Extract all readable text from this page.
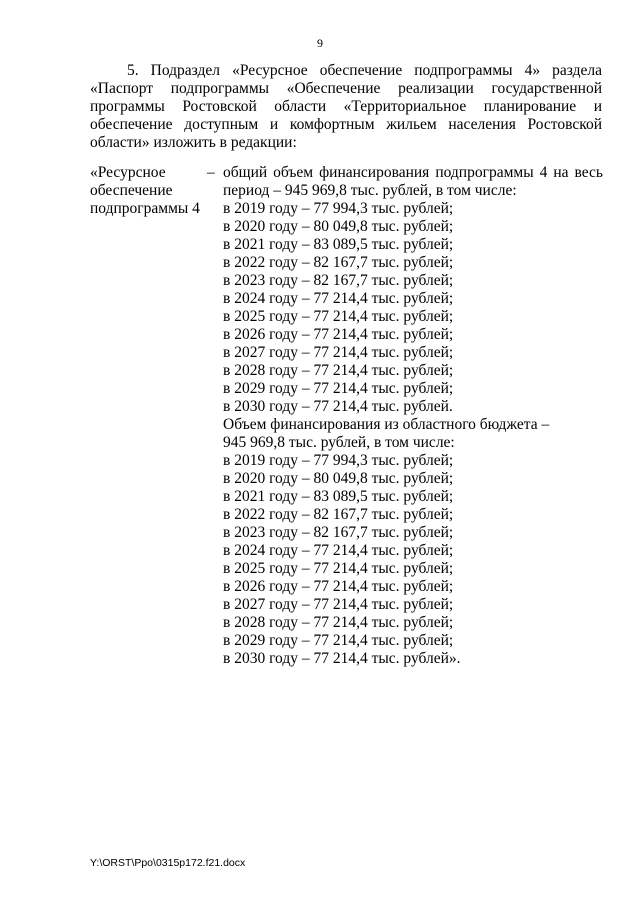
9

5. Подраздел «Ресурсное обеспечение подпрограммы 4» раздела «Паспорт подпрограммы «Обеспечение реализации государственной программы Ростовской области «Территориальное планирование и обеспечение доступным и комфортным жильем населения Ростовской области» изложить в редакции:

«Ресурсное
обеспечение
подпрограммы 4
– общий объем финансирования подпрограммы 4 на весь период – 945 969,8 тыс. рублей, в том числе:

в 2019 году – 77 994,3 тыс. рублей;
в 2020 году – 80 049,8 тыс. рублей;
в 2021 году – 83 089,5 тыс. рублей;
в 2022 году – 82 167,7 тыс. рублей;
в 2023 году – 82 167,7 тыс. рублей;
в 2024 году – 77 214,4 тыс. рублей;
в 2025 году – 77 214,4 тыс. рублей;
в 2026 году – 77 214,4 тыс. рублей;
в 2027 году – 77 214,4 тыс. рублей;
в 2028 году – 77 214,4 тыс. рублей;
в 2029 году – 77 214,4 тыс. рублей;
в 2030 году – 77 214,4 тыс. рублей.
Объем финансирования из областного бюджета –
945 969,8 тыс. рублей, в том числе:
в 2019 году – 77 994,3 тыс. рублей;
в 2020 году – 80 049,8 тыс. рублей;
в 2021 году – 83 089,5 тыс. рублей;
в 2022 году – 82 167,7 тыс. рублей;
в 2023 году – 82 167,7 тыс. рублей;
в 2024 году – 77 214,4 тыс. рублей;
в 2025 году – 77 214,4 тыс. рублей;
в 2026 году – 77 214,4 тыс. рублей;
в 2027 году – 77 214,4 тыс. рублей;
в 2028 году – 77 214,4 тыс. рублей;
в 2029 году – 77 214,4 тыс. рублей;
в 2030 году – 77 214,4 тыс. рублей».
Y:\ORST\Ppo\0315p172.f21.docx
